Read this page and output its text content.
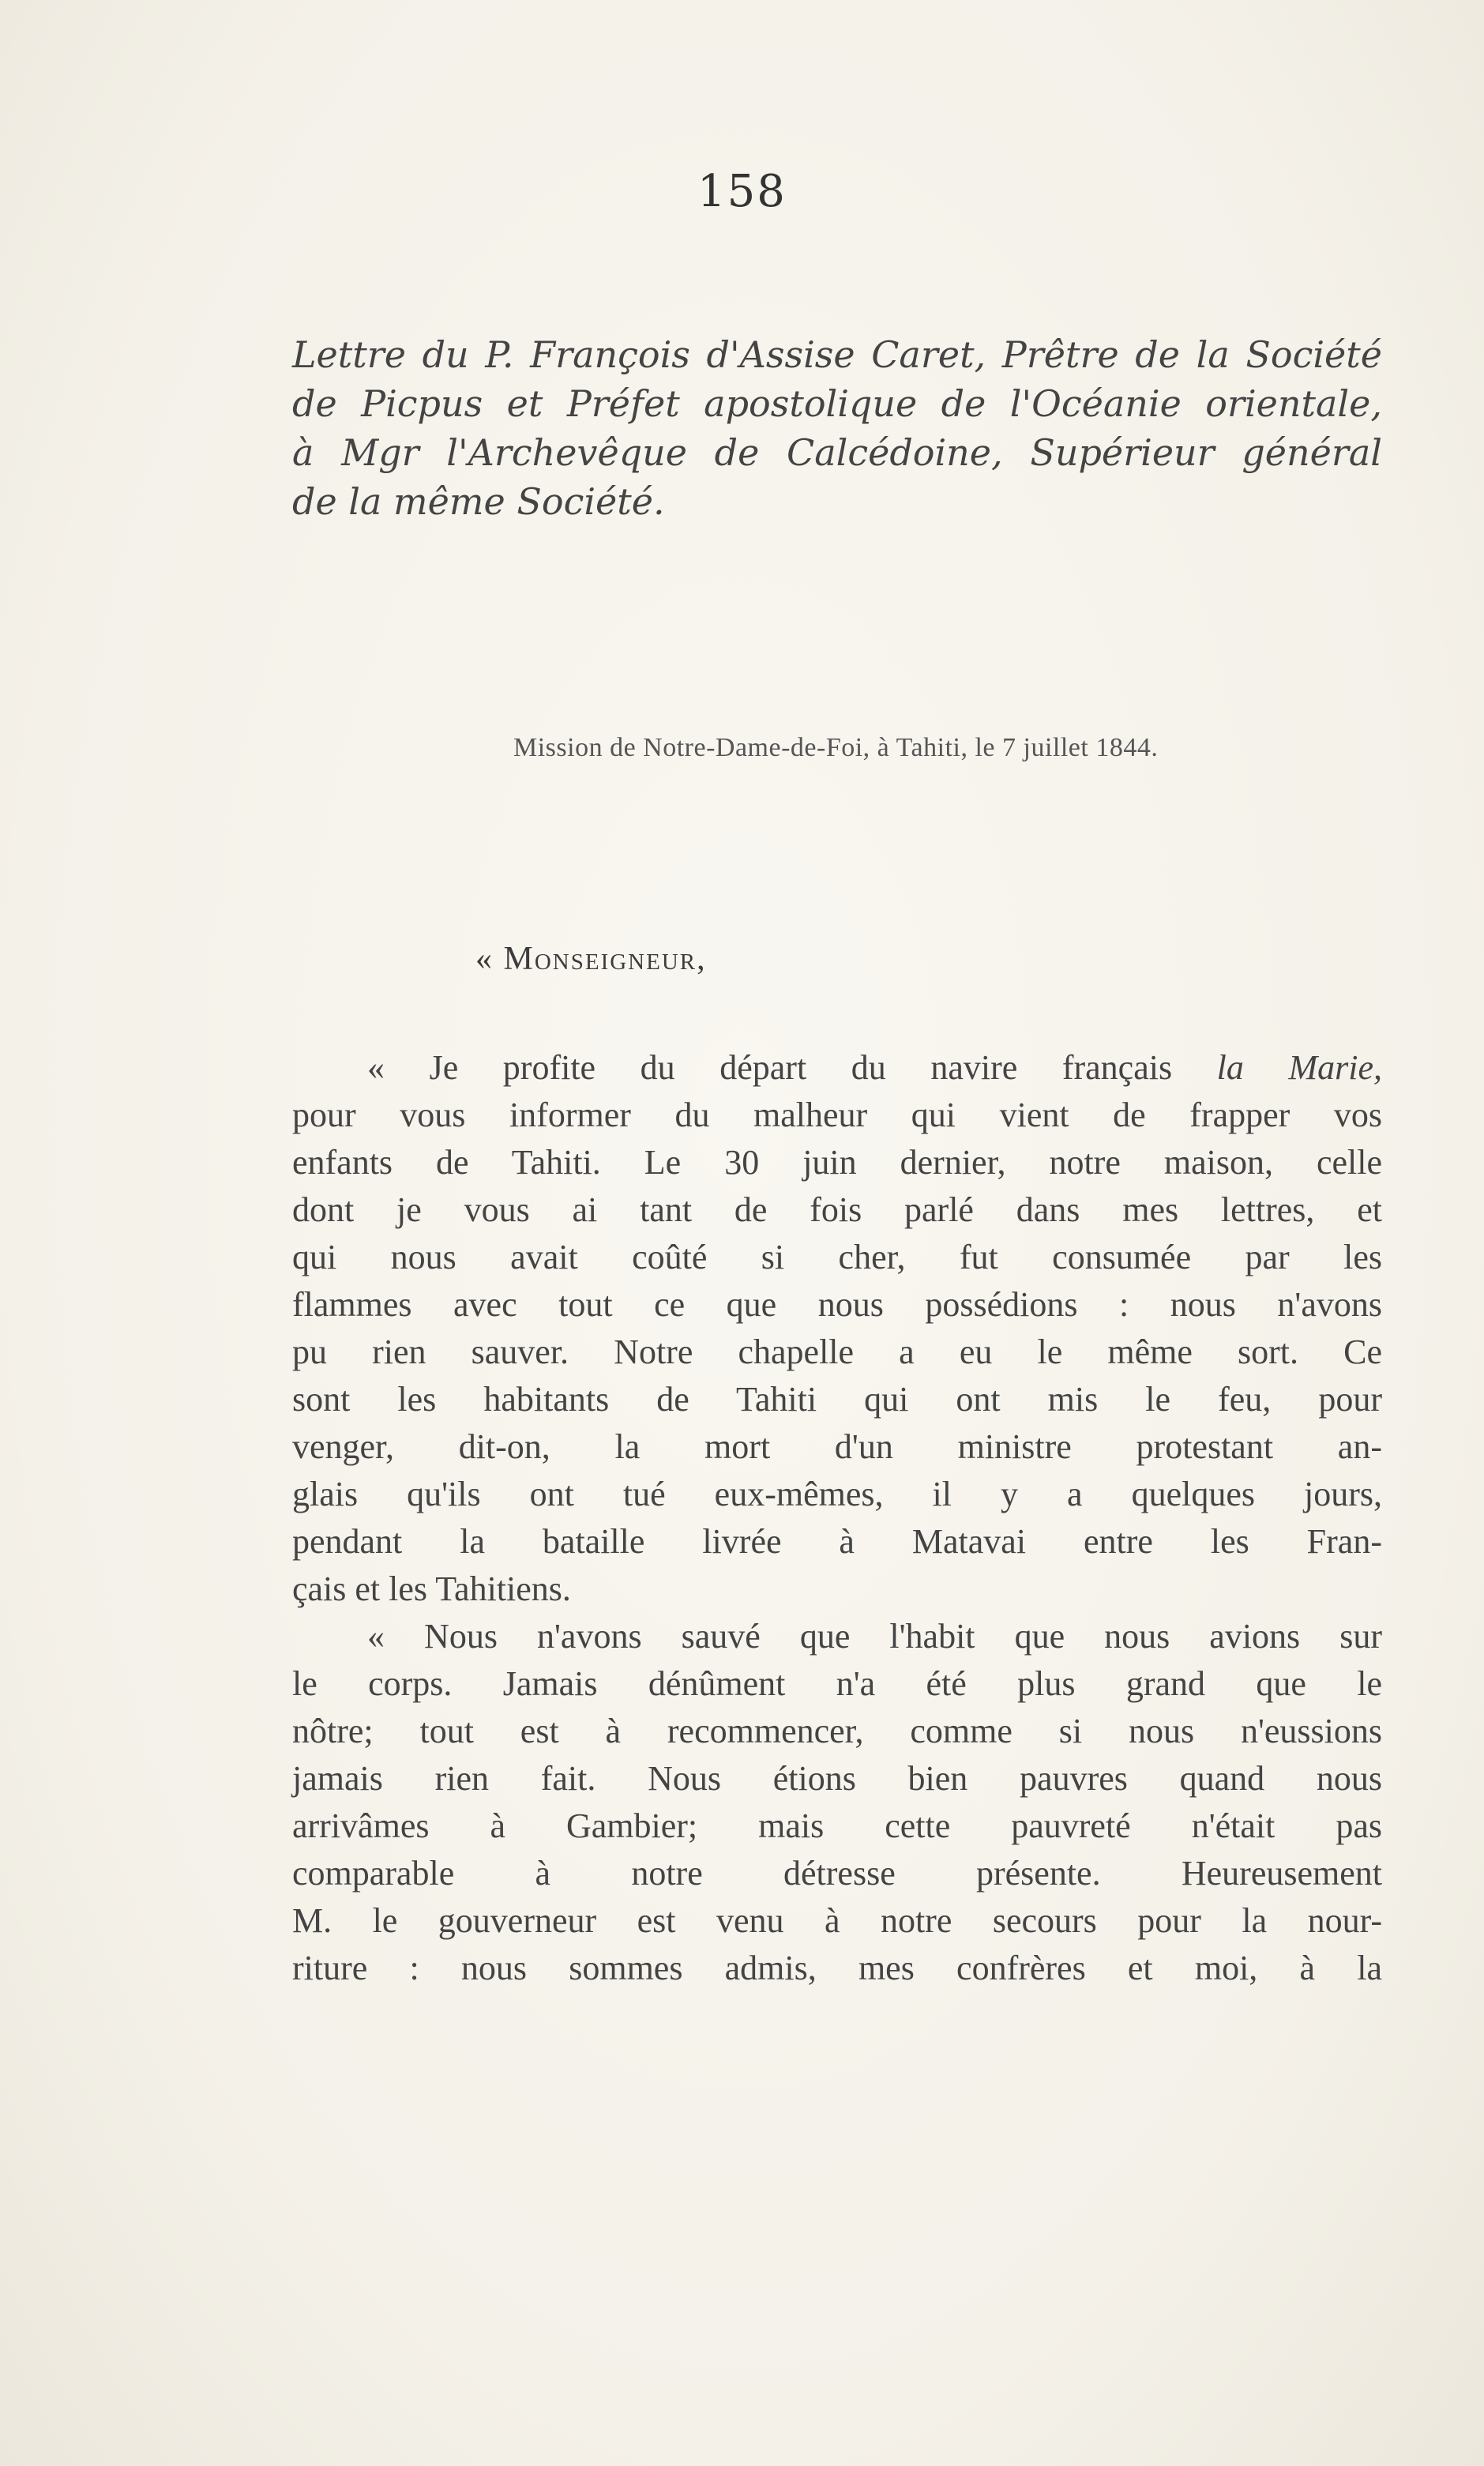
158
Lettre du P. François d'Assise Caret, Prêtre de la Société
de Picpus et Préfet apostolique de l'Océanie orientale,
à Mgr l'Archevêque de Calcédoine, Supérieur général
de la même Société.
Mission de Notre-Dame-de-Foi, à Tahiti, le 7 juillet 1844.
« Monseigneur,
« Je profite du départ du navire français la Marie,
pour vous informer du malheur qui vient de frapper vos
enfants de Tahiti. Le 30 juin dernier, notre maison, celle
dont je vous ai tant de fois parlé dans mes lettres, et
qui nous avait coûté si cher, fut consumée par les
flammes avec tout ce que nous possédions : nous n'avons
pu rien sauver. Notre chapelle a eu le même sort. Ce
sont les habitants de Tahiti qui ont mis le feu, pour
venger, dit-on, la mort d'un ministre protestant an-
glais qu'ils ont tué eux-mêmes, il y a quelques jours,
pendant la bataille livrée à Matavai entre les Fran-
çais et les Tahitiens.
« Nous n'avons sauvé que l'habit que nous avions sur
le corps. Jamais dénûment n'a été plus grand que le
nôtre; tout est à recommencer, comme si nous n'eussions
jamais rien fait. Nous étions bien pauvres quand nous
arrivâmes à Gambier; mais cette pauvreté n'était pas
comparable à notre détresse présente. Heureusement
M. le gouverneur est venu à notre secours pour la nour-
riture : nous sommes admis, mes confrères et moi, à la
